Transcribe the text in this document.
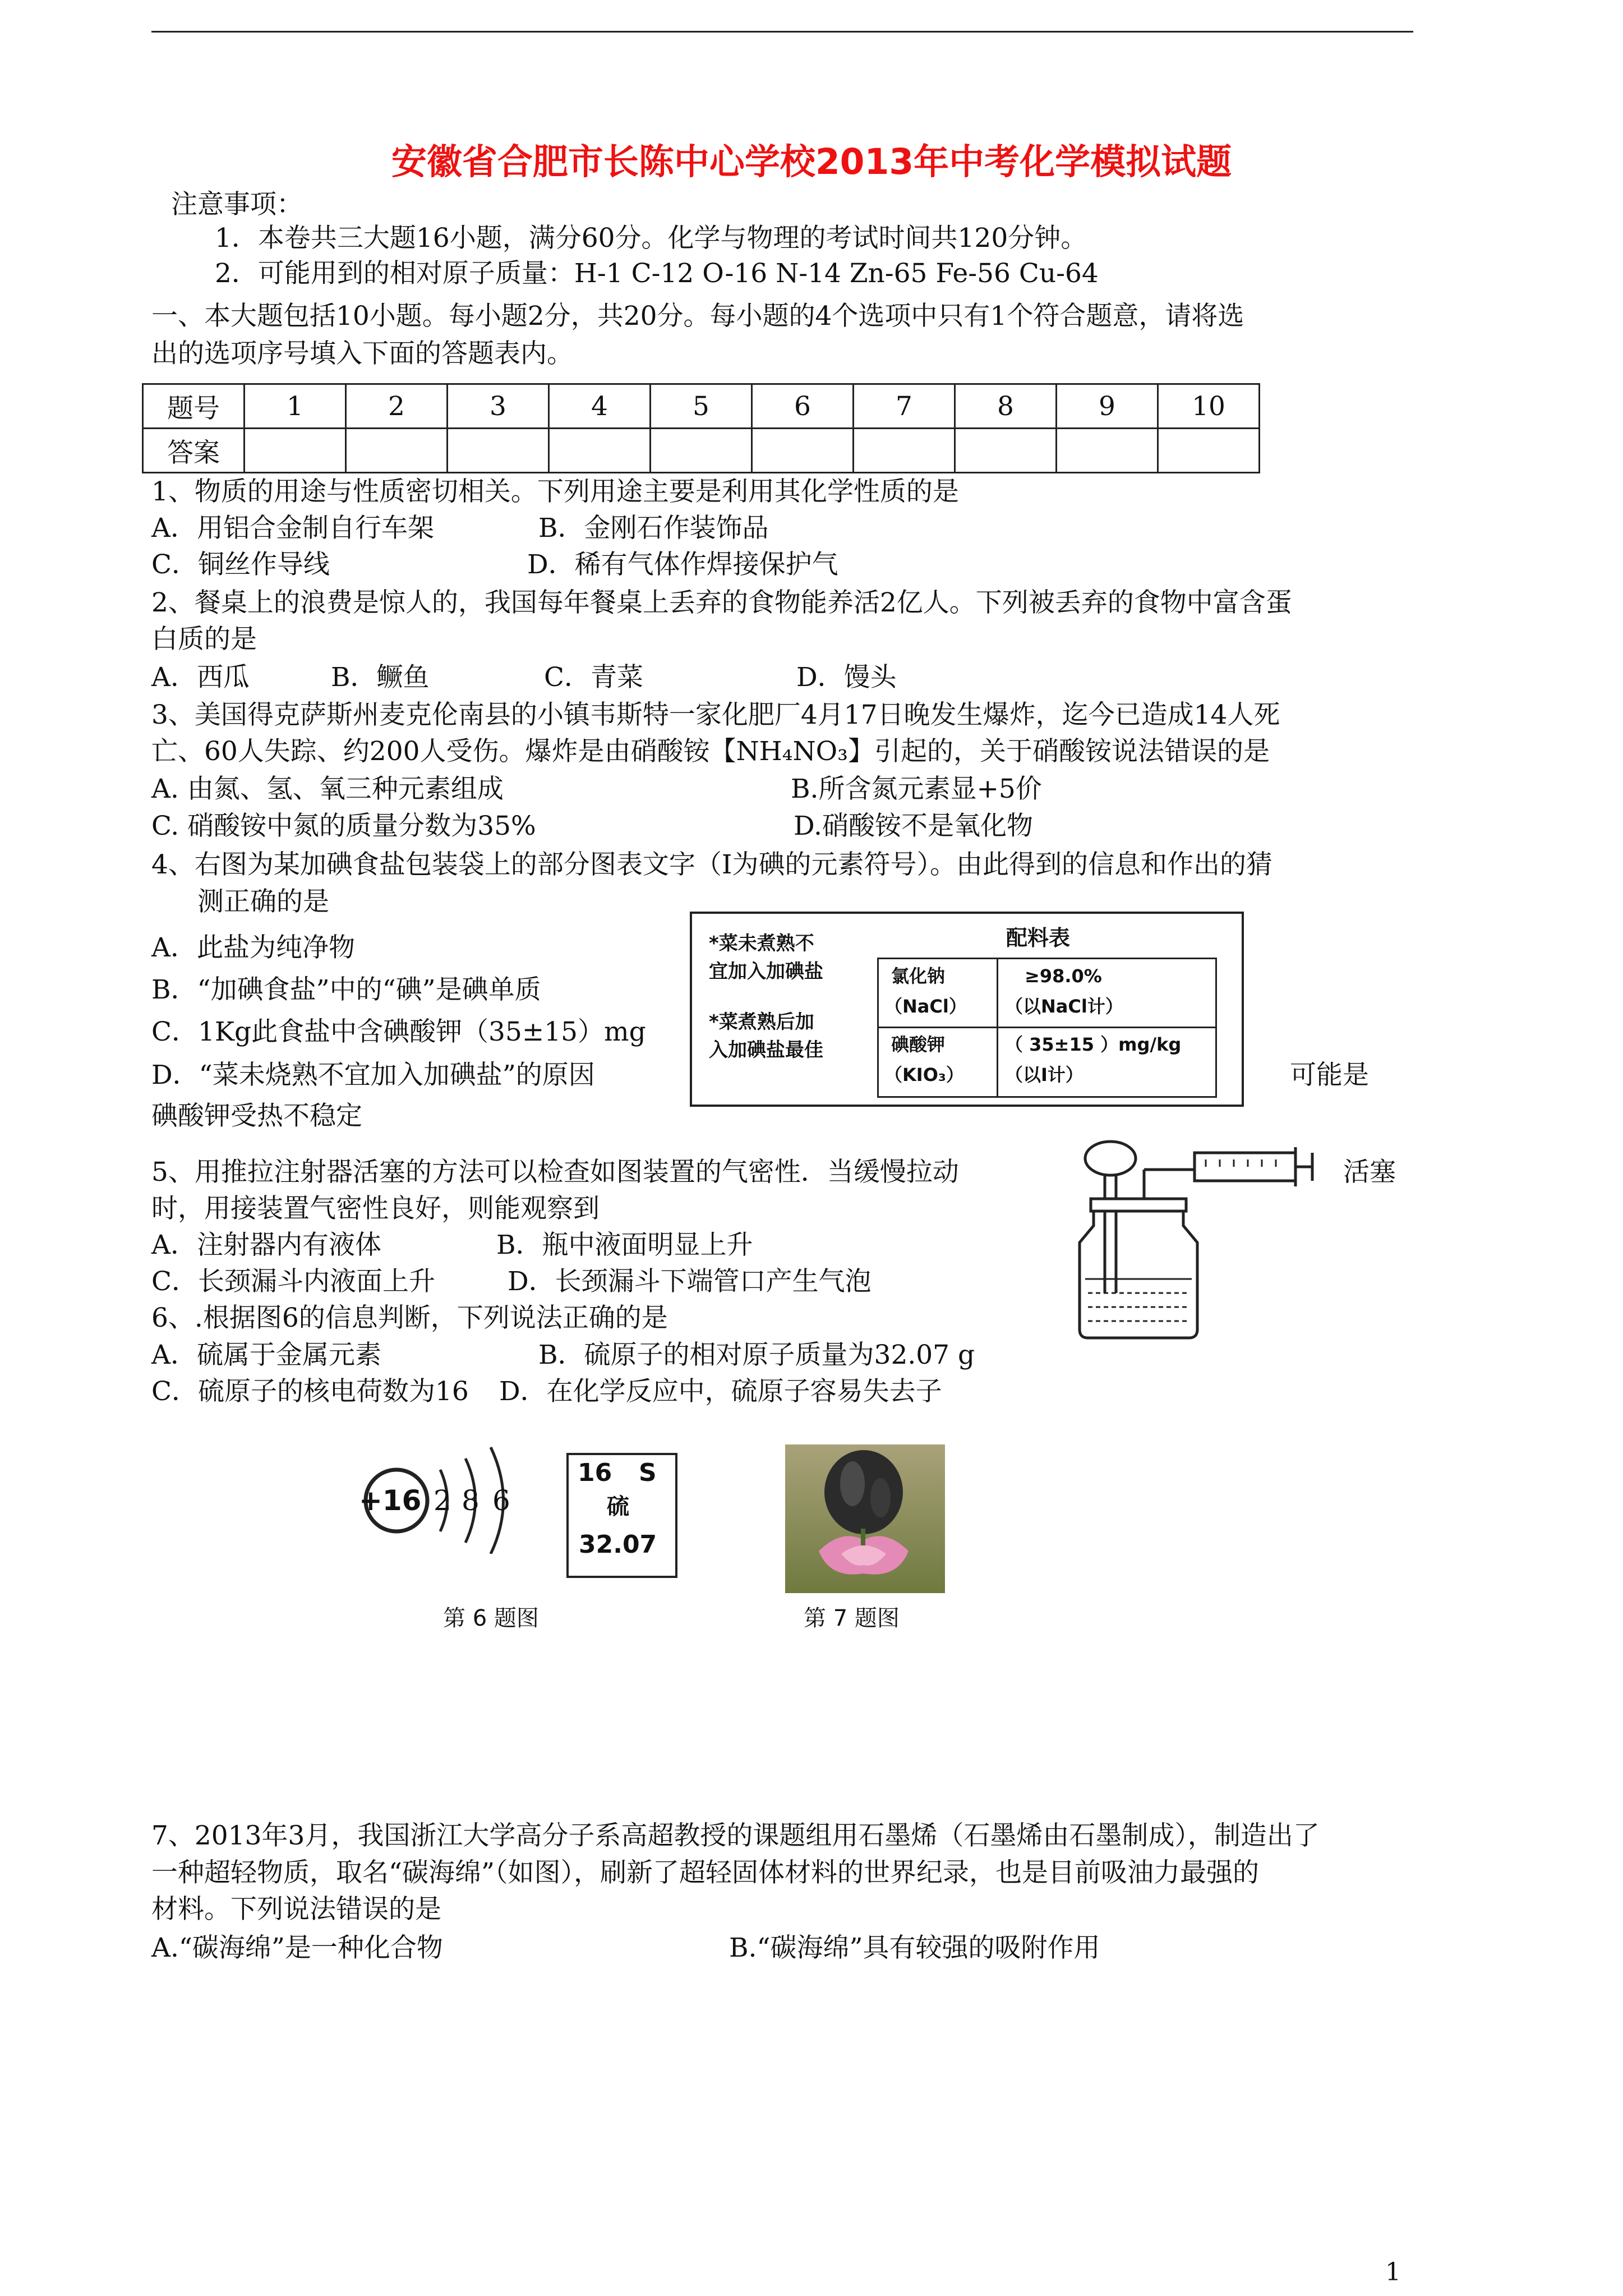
安徽省合肥市长陈中心学校2013年中考化学模拟试题
注意事项：
1．本卷共三大题16小题，满分60分。化学与物理的考试时间共120分钟。
2．可能用到的相对原子质量：H-1 C-12 O-16 N-14 Zn-65 Fe-56 Cu-64
一、本大题包括10小题。每小题2分，共20分。每小题的4个选项中只有1个符合题意，请将选
出的选项序号填入下面的答题表内。
题号	1	2	3	4	5	6	7	8	9	10
答案										
1、物质的用途与性质密切相关。下列用途主要是利用其化学性质的是
A．用铝合金制自行车架	B．金刚石作装饰品
C．铜丝作导线	D．稀有气体作焊接保护气
2、餐桌上的浪费是惊人的，我国每年餐桌上丢弃的食物能养活2亿人。下列被丢弃的食物中富含蛋
白质的是
A．西瓜	B．鳜鱼	C．青菜	D．馒头
3、美国得克萨斯州麦克伦南县的小镇韦斯特一家化肥厂4月17日晚发生爆炸，迄今已造成14人死
亡、60人失踪、约200人受伤。爆炸是由硝酸铵【NH₄NO₃】引起的，关于硝酸铵说法错误的是
A. 由氮、氢、氧三种元素组成	B.所含氮元素显+5价
C. 硝酸铵中氮的质量分数为35%	D.硝酸铵不是氧化物
4、右图为某加碘食盐包装袋上的部分图表文字（I为碘的元素符号）。由此得到的信息和作出的猜
测正确的是
A．此盐为纯净物
B．“加碘食盐”中的“碘”是碘单质
C．1Kg此食盐中含碘酸钾（35±15）mg
D．“菜未烧熟不宜加入加碘盐”的原因	可能是
碘酸钾受热不稳定
*菜未煮熟不
宜加入加碘盐
*菜煮熟后加
入加碘盐最佳
配料表
氯化钠	≥98.0%
（NaCl） （以NaCl计）
碘酸钾	（ 35±15 ）mg/kg
（KIO₃） （以I计）
5、用推拉注射器活塞的方法可以检查如图装置的气密性．当缓慢拉动	活塞
时，用接装置气密性良好，则能观察到
A．注射器内有液体	B．瓶中液面明显上升
C．长颈漏斗内液面上升	D．长颈漏斗下端管口产生气泡
6、.根据图6的信息判断，下列说法正确的是
A．硫属于金属元素	B．硫原子的相对原子质量为32.07 g
C．硫原子的核电荷数为16 D．在化学反应中，硫原子容易失去子
+16 2 8 6
16 S
硫
32.07
第 6 题图	第 7 题图
7、2013年3月，我国浙江大学高分子系高超教授的课题组用石墨烯（石墨烯由石墨制成），制造出了
一种超轻物质，取名“碳海绵”（如图），刷新了超轻固体材料的世界纪录，也是目前吸油力最强的
材料。下列说法错误的是
A.“碳海绵”是一种化合物	B.“碳海绵”具有较强的吸附作用
1
